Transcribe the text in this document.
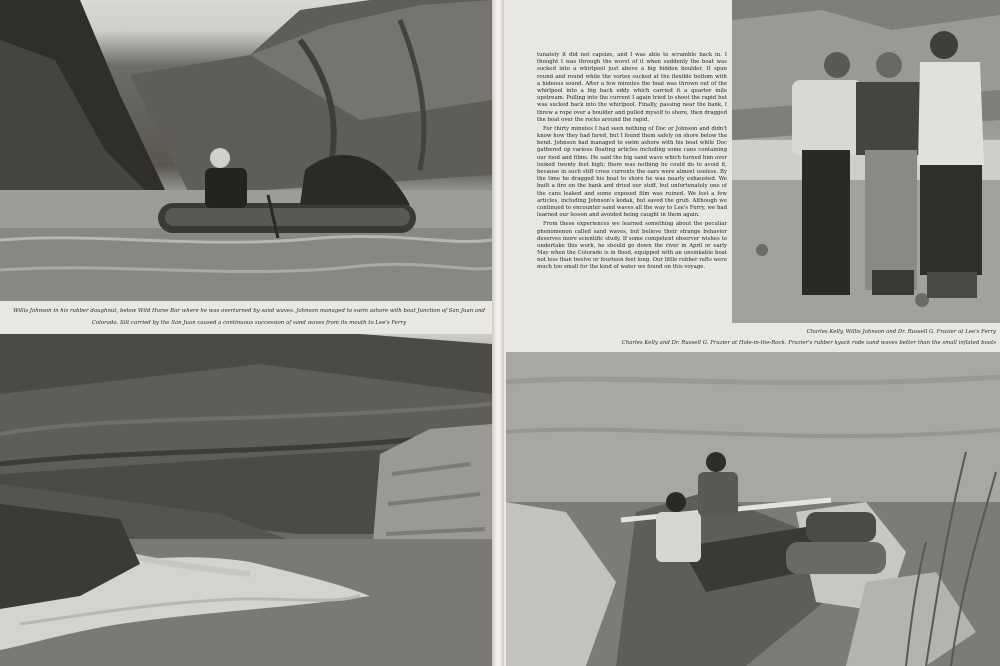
Willis Johnson in his rubber doughnut, below Wild Horse Bar where he was overturned by sand waves. Johnson managed to swim ashore with boat Junction of San Juan and Colorado. Silt carried by the San Juan caused a continuous succession of sand waves from its mouth to Lee's Ferry

tunately it did not capsize, and I was able to scramble back in. I thought I was through the worst of it when suddenly the boat was sucked into a whirlpool just above a big hidden boulder. It spun round and round while the vortex sucked at the flexible bottom with a hideous sound. After a few minutes the boat was thrown out of the whirlpool into a big back eddy which carried it a quarter mile upstream. Pulling into the current I again tried to shoot the rapid but was sucked back into the whirlpool. Finally, passing near the bank, I threw a rope over a boulder and pulled myself to shore, then dragged the boat over the rocks around the rapid.

For thirty minutes I had seen nothing of Doc or Johnson and didn't know how they had fared, but I found them safely on shore below the bend. Johnson had managed to swim ashore with his boat while Doc gathered up various floating articles including some cans containing our food and films. He said the big sand wave which turned him over looked twenty feet high; there was nothing he could do to avoid it, because in such stiff cross currents the oars were almost useless. By the time he dragged his boat to shore he was nearly exhausted. We built a fire on the bank and dried our stuff, but unfortunately one of the cans leaked and some exposed film was ruined. We lost a few articles, including Johnson's kodak, but saved the grub. Although we continued to encounter sand waves all the way to Lee's Ferry, we had learned our lesson and avoided being caught in them again.

From these experiences we learned something about the peculiar phenomenon called sand waves, but believe their strange behavior deserves more scientific study. If some competent observer wishes to undertake this work, he should go down the river in April or early May when the Colorado is in flood, equipped with an unsinkable boat not less than twelve or fourteen feet long. Our little rubber rafts were much too small for the kind of water we found on this voyage.

Charles Kelly, Willis Johnson and Dr. Russell G. Frazier at Lee's Ferry

Charles Kelly and Dr. Russell G. Frazier at Hole-in-the-Rock. Frazier's rubber kyack rode sand waves better than the small inflated boats
